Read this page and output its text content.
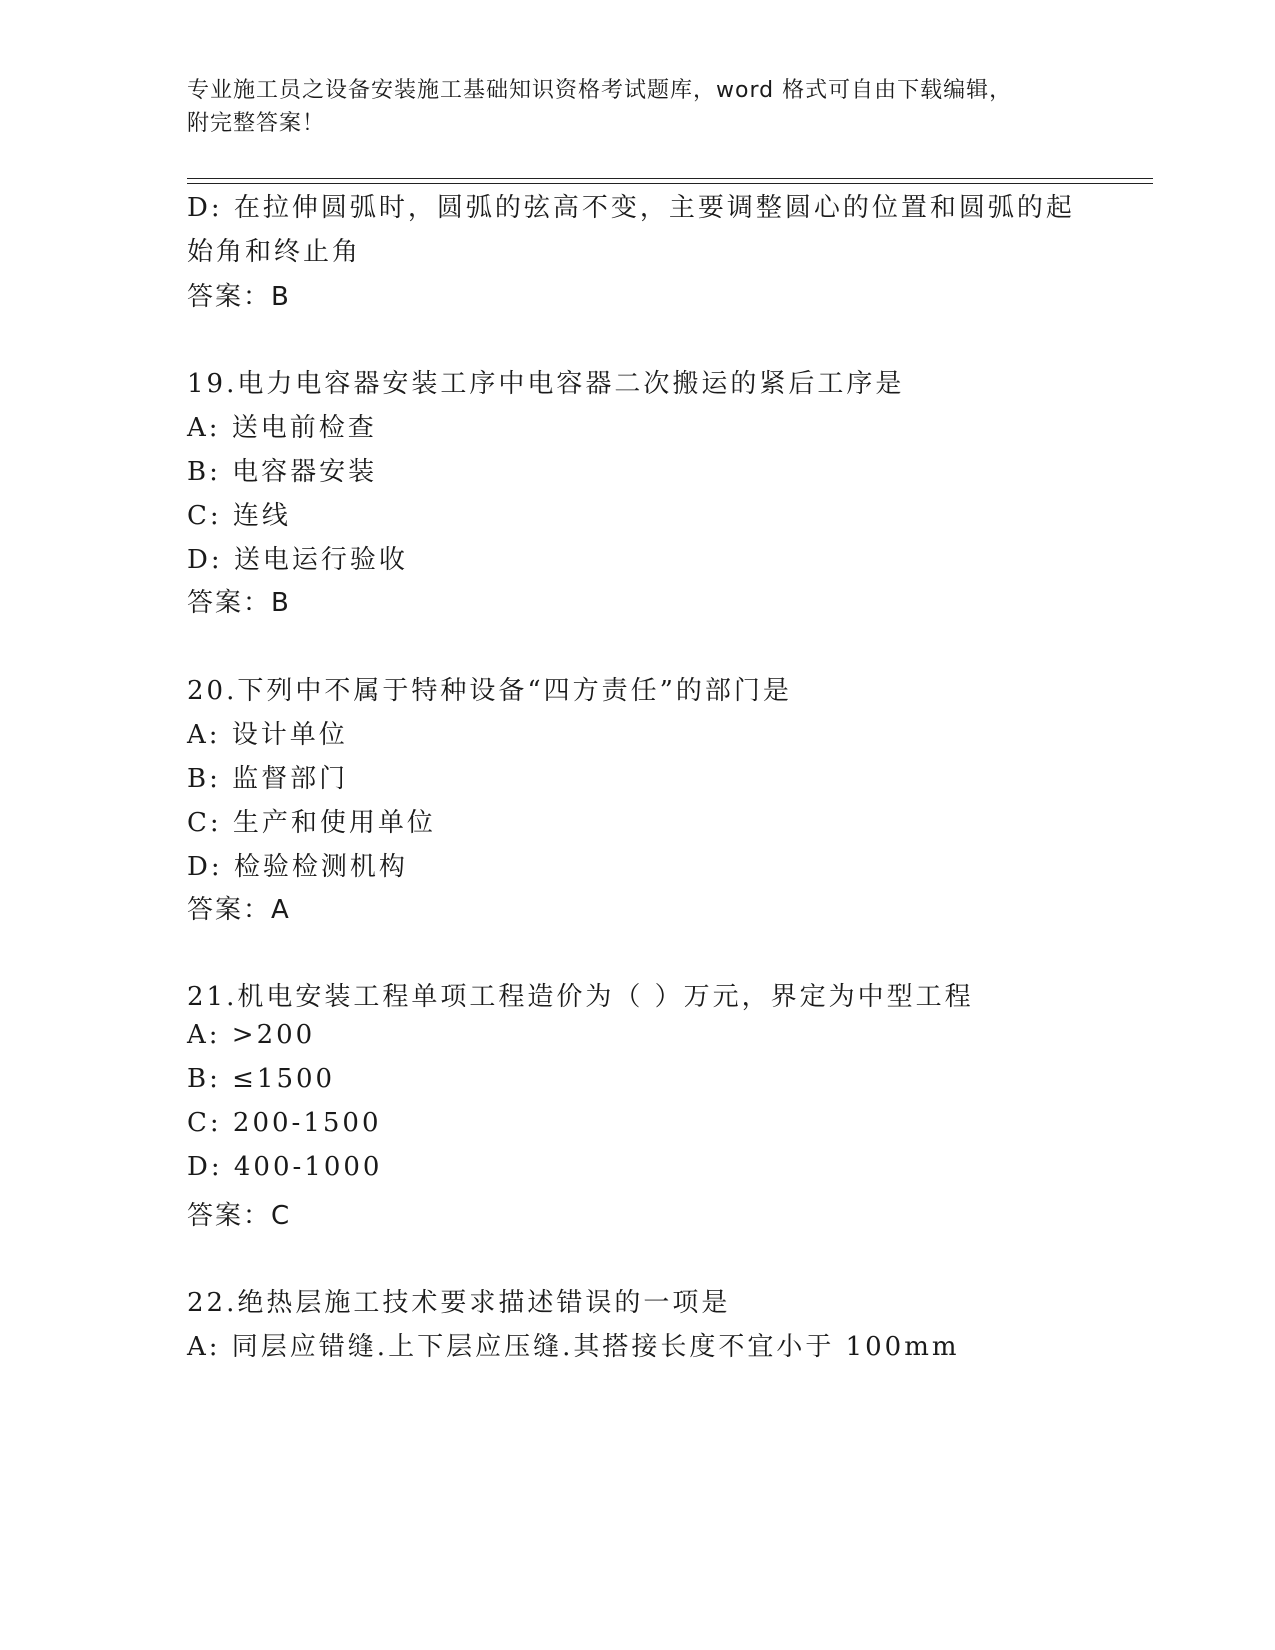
专业施工员之设备安装施工基础知识资格考试题库，word 格式可自由下载编辑，
附完整答案！
D: 在拉伸圆弧时，圆弧的弦高不变，主要调整圆心的位置和圆弧的起
始角和终止角
答案：B
19.电力电容器安装工序中电容器二次搬运的紧后工序是
A: 送电前检查
B: 电容器安装
C: 连线
D: 送电运行验收
答案：B
20.下列中不属于特种设备“四方责任”的部门是
A: 设计单位
B: 监督部门
C: 生产和使用单位
D: 检验检测机构
答案：A
21.机电安装工程单项工程造价为（ ）万元，界定为中型工程
A: >200
B: ≤1500
C: 200-1500
D: 400-1000
答案：C
22.绝热层施工技术要求描述错误的一项是
A: 同层应错缝.上下层应压缝.其搭接长度不宜小于 100mm
